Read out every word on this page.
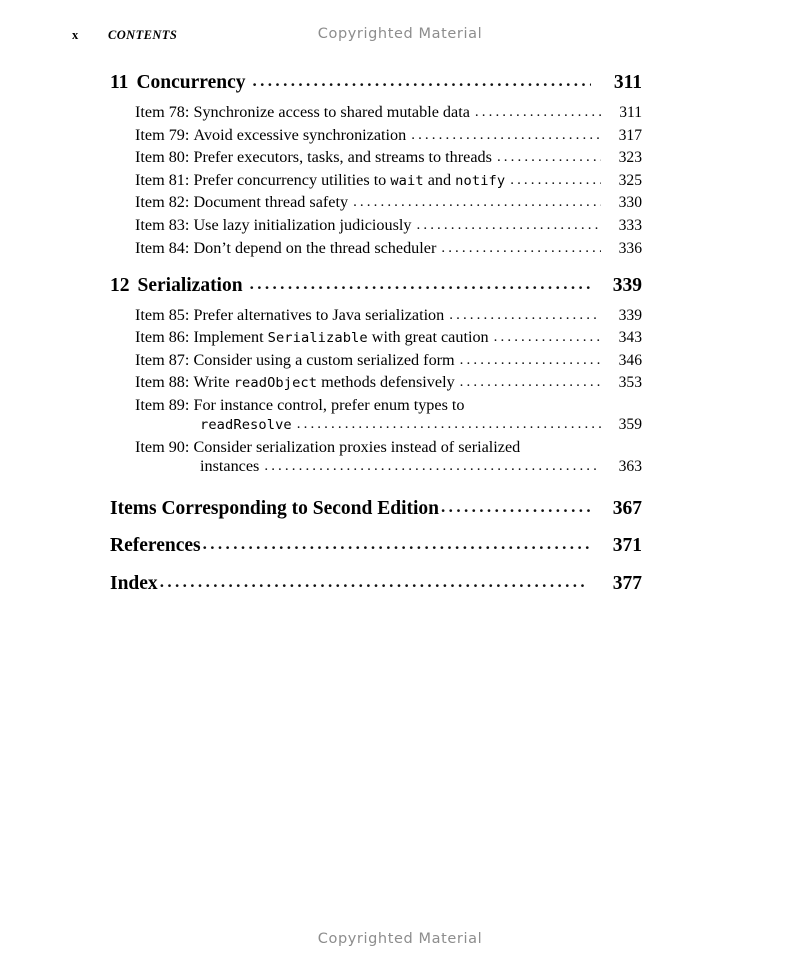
x CONTENTS	Copyrighted Material
11 Concurrency .....	311
Item 78: Synchronize access to shared mutable data .....	311
Item 79: Avoid excessive synchronization .....	317
Item 80: Prefer executors, tasks, and streams to threads .....	323
Item 81: Prefer concurrency utilities to wait and notify .....	325
Item 82: Document thread safety .....	330
Item 83: Use lazy initialization judiciously .....	333
Item 84: Don’t depend on the thread scheduler .....	336
12 Serialization .....	339
Item 85: Prefer alternatives to Java serialization .....	339
Item 86: Implement Serializable with great caution .....	343
Item 87: Consider using a custom serialized form .....	346
Item 88: Write readObject methods defensively .....	353
Item 89: For instance control, prefer enum types to
readResolve .....	359
Item 90: Consider serialization proxies instead of serialized
instances .....	363
Items Corresponding to Second Edition .....	367
References .....	371
Index .....	377
Copyrighted Material
